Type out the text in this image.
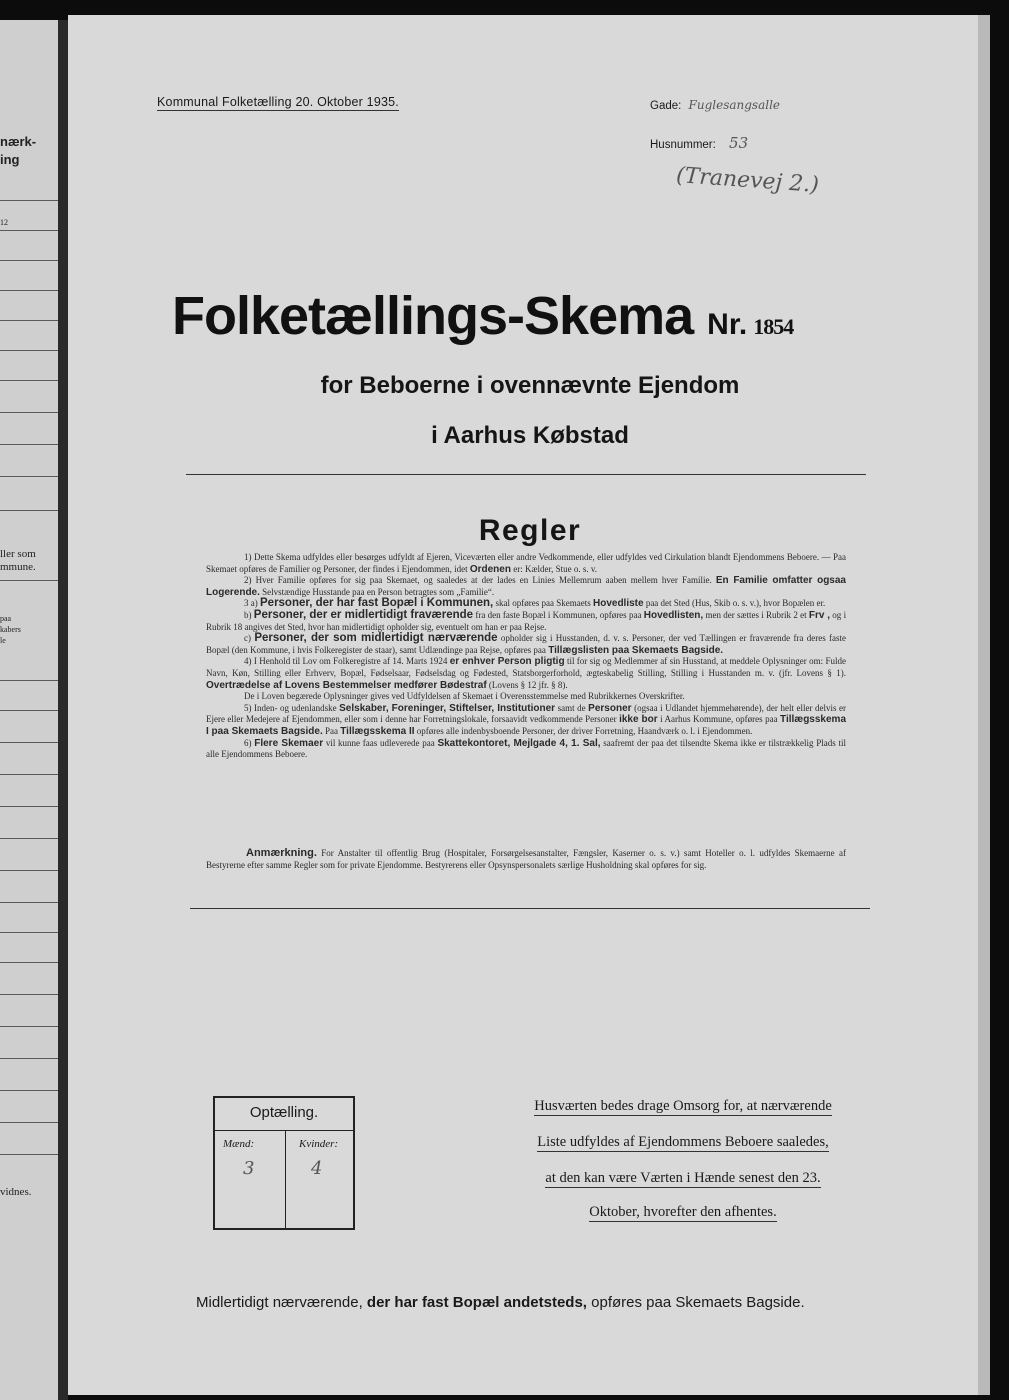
nærk-
ing
12
ller som
mmune.
paa
kabers
le
vidnes.
Kommunal Folketælling 20. Oktober 1935.	Gade: Fuglesangsalle
Husnummer: 53
(Tranevej 2.)
Folketællings-Skema Nr. 1854
for Beboerne i ovennævnte Ejendom
i Aarhus Købstad
Regler

1) Dette Skema udfyldes eller besørges udfyldt af Ejeren, Viceværten eller andre Vedkommende, eller udfyldes ved Cirkulation blandt Ejendommens Beboere. — Paa Skemaet opføres de Familier og Personer, der findes i Ejendommen, idet Ordenen er: Kælder, Stue o. s. v.

2) Hver Familie opføres for sig paa Skemaet, og saaledes at der lades en Linies Mellemrum aaben mellem hver Familie. En Familie omfatter ogsaa Logerende. Selvstændige Husstande paa en Person betragtes som „Familie“.

3 a) Personer, der har fast Bopæl i Kommunen, skal opføres paa Skemaets Hovedliste paa det Sted (Hus, Skib o. s. v.), hvor Bopælen er.

b) Personer, der er midlertidigt fraværende fra den faste Bopæl i Kommunen, opføres paa Hovedlisten, men der sættes i Rubrik 2 et Frv , og i Rubrik 18 angives det Sted, hvor han midlertidigt opholder sig, eventuelt om han er paa Rejse.

c) Personer, der som midlertidigt nærværende opholder sig i Husstanden, d. v. s. Personer, der ved Tællingen er fraværende fra deres faste Bopæl (den Kommune, i hvis Folkeregister de staar), samt Udlændinge paa Rejse, opføres paa Tillægslisten paa Skemaets Bagside.

4) I Henhold til Lov om Folkeregistre af 14. Marts 1924 er enhver Person pligtig til for sig og Medlemmer af sin Husstand, at meddele Oplysninger om: Fulde Navn, Køn, Stilling eller Erhverv, Bopæl, Fødselsaar, Fødselsdag og Fødested, Statsborgerforhold, ægteskabelig Stilling, Stilling i Husstanden m. v. (jfr. Lovens § 1). Overtrædelse af Lovens Bestemmelser medfører Bødestraf (Lovens § 12 jfr. § 8).

De i Loven begærede Oplysninger gives ved Udfyldelsen af Skemaet i Overensstemmelse med Rubrikkernes Overskrifter.

5) Inden- og udenlandske Selskaber, Foreninger, Stiftelser, Institutioner samt de Personer (ogsaa i Udlandet hjemmehørende), der helt eller delvis er Ejere eller Medejere af Ejendommen, eller som i denne har Forretningslokale, forsaavidt vedkommende Personer ikke bor i Aarhus Kommune, opføres paa Tillægsskema I paa Skemaets Bagside. Paa Tillægsskema II opføres alle indenbysboende Personer, der driver Forretning, Haandværk o. l. i Ejendommen.

6) Flere Skemaer vil kunne faas udleverede paa Skattekontoret, Mejlgade 4, 1. Sal, saafremt der paa det tilsendte Skema ikke er tilstrækkelig Plads til alle Ejendommens Beboere.

Anmærkning. For Anstalter til offentlig Brug (Hospitaler, Forsørgelsesanstalter, Fængsler, Kaserner o. s. v.) samt Hoteller o. l. udfyldes Skemaerne af Bestyrerne efter samme Regler som for private Ejendomme. Bestyrerens eller Opsynspersonalets særlige Husholdning skal opføres for sig.
Optælling.
Mænd:	Kvinder:
3	4
Husværten bedes drage Omsorg for, at nærværende
Liste udfyldes af Ejendommens Beboere saaledes,
at den kan være Værten i Hænde senest den 23.
Oktober, hvorefter den afhentes.
Midlertidigt nærværende, der har fast Bopæl andetsteds, opføres paa Skemaets Bagside.
